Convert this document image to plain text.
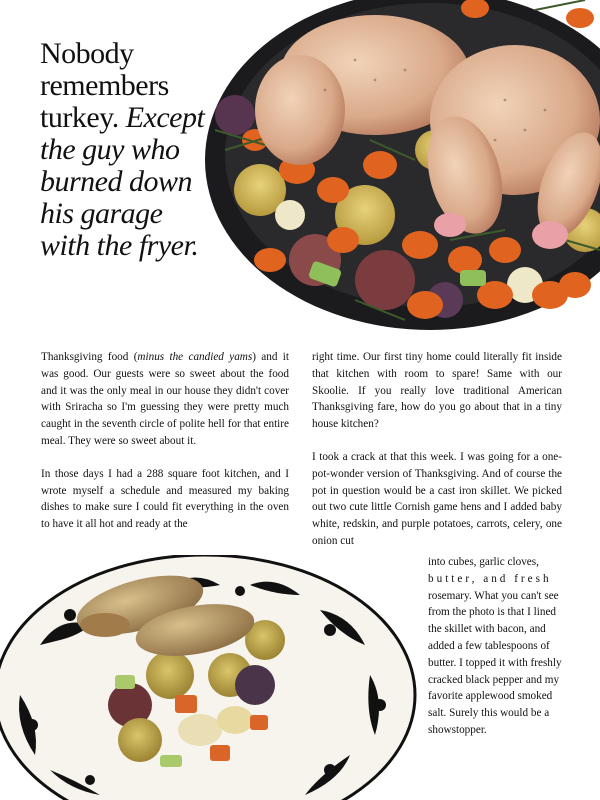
Nobody
remembers
turkey. Except
the guy who
burned down
his garage
with the fryer.

Thanksgiving food (minus the candied yams) and it was good. Our guests were so sweet about the food and it was the only meal in our house they didn't cover with Sriracha so I'm guessing they were pretty much caught in the seventh circle of polite hell for that entire meal. They were so sweet about it.

In those days I had a 288 square foot kitchen, and I wrote myself a schedule and measured my baking dishes to make sure I could fit everything in the oven to have it all hot and ready at the

right time. Our first tiny home could literally fit inside that kitchen with room to spare! Same with our Skoolie. If you really love traditional American Thanksgiving fare, how do you go about that in a tiny house kitchen?

I took a crack at that this week. I was going for a one-pot-wonder version of Thanksgiving. And of course the pot in question would be a cast iron skillet. We picked out two cute little Cornish game hens and I added baby white, redskin, and purple potatoes, carrots, celery, one onion cut

into cubes, garlic cloves,
butter, and fresh
rosemary. What you can't see from the photo is that I lined the skillet with bacon, and added a few tablespoons of butter. I topped it with freshly cracked black pepper and my favorite applewood smoked salt. Surely this would be a showstopper.
